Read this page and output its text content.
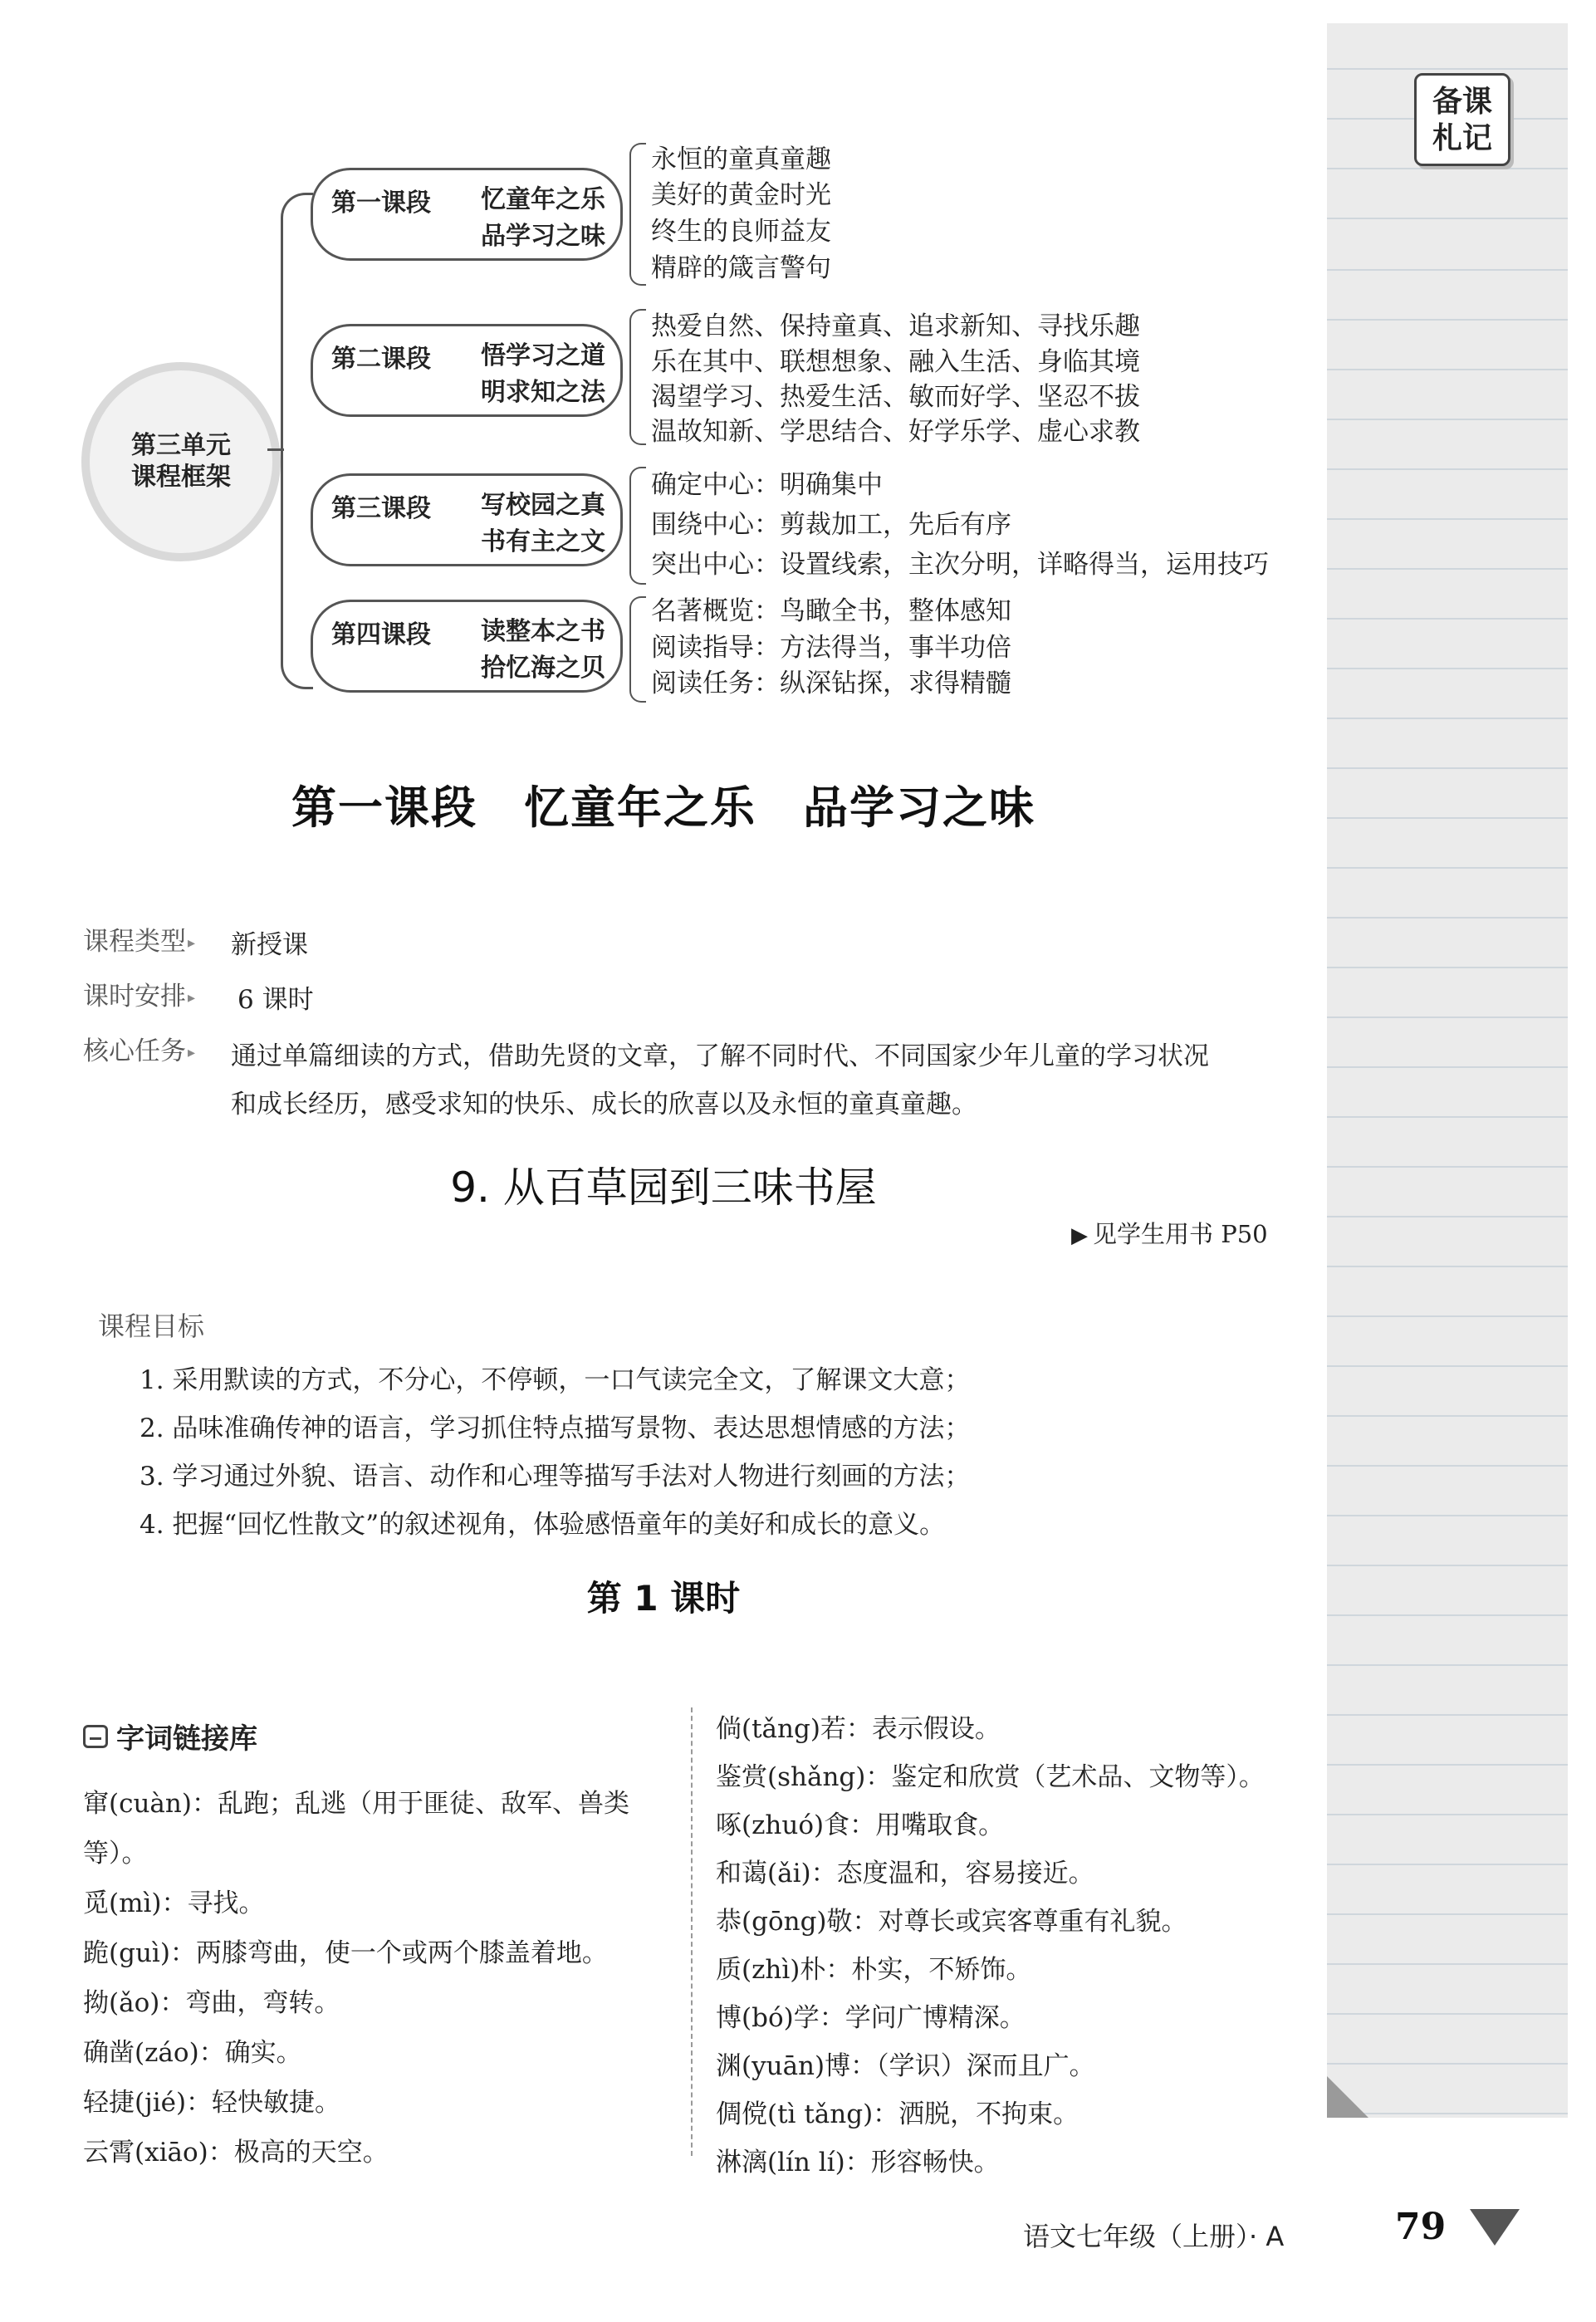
备课
札记
第三单元
课程框架
第一课段 忆童年之乐
品学习之味
永恒的童真童趣
美好的黄金时光
终生的良师益友
精辟的箴言警句
第二课段 悟学习之道
明求知之法
热爱自然、保持童真、追求新知、寻找乐趣
乐在其中、联想想象、融入生活、身临其境
渴望学习、热爱生活、敏而好学、坚忍不拔
温故知新、学思结合、好学乐学、虚心求教
第三课段 写校园之真
书有主之文
确定中心：明确集中
围绕中心：剪裁加工，先后有序
突出中心：设置线索，主次分明，详略得当，运用技巧
第四课段 读整本之书
拾忆海之贝
名著概览：鸟瞰全书，整体感知
阅读指导：方法得当，事半功倍
阅读任务：纵深钻探，求得精髓
第一课段　忆童年之乐　品学习之味
课程类型 ▸	新授课
课时安排 ▸	6 课时
核心任务 ▸	通过单篇细读的方式，借助先贤的文章，了解不同时代、不同国家少年儿童的学习状况
和成长经历，感受求知的快乐、成长的欣喜以及永恒的童真童趣。
9. 从百草园到三味书屋
▶ 见学生用书 P50
课程目标
1. 采用默读的方式，不分心，不停顿，一口气读完全文，了解课文大意；
2. 品味准确传神的语言，学习抓住特点描写景物、表达思想情感的方法；
3. 学习通过外貌、语言、动作和心理等描写手法对人物进行刻画的方法；
4. 把握“回忆性散文”的叙述视角，体验感悟童年的美好和成长的意义。
第 1 课时
字词链接库
窜(cuàn)：乱跑；乱逃（用于匪徒、敌军、兽类
等）。
觅(mì)：寻找。
跪(guì)：两膝弯曲，使一个或两个膝盖着地。
拗(ǎo)：弯曲，弯转。
确凿(záo)：确实。
轻捷(jié)：轻快敏捷。
云霄(xiāo)：极高的天空。
倘(tǎng)若：表示假设。
鉴赏(shǎng)：鉴定和欣赏（艺术品、文物等）。
啄(zhuó)食：用嘴取食。
和蔼(ǎi)：态度温和，容易接近。
恭(gōng)敬：对尊长或宾客尊重有礼貌。
质(zhì)朴：朴实，不矫饰。
博(bó)学：学问广博精深。
渊(yuān)博：（学识）深而且广。
倜傥(tì tǎng)：洒脱，不拘束。
淋漓(lín lí)：形容畅快。
语文七年级（上册）· A	79
